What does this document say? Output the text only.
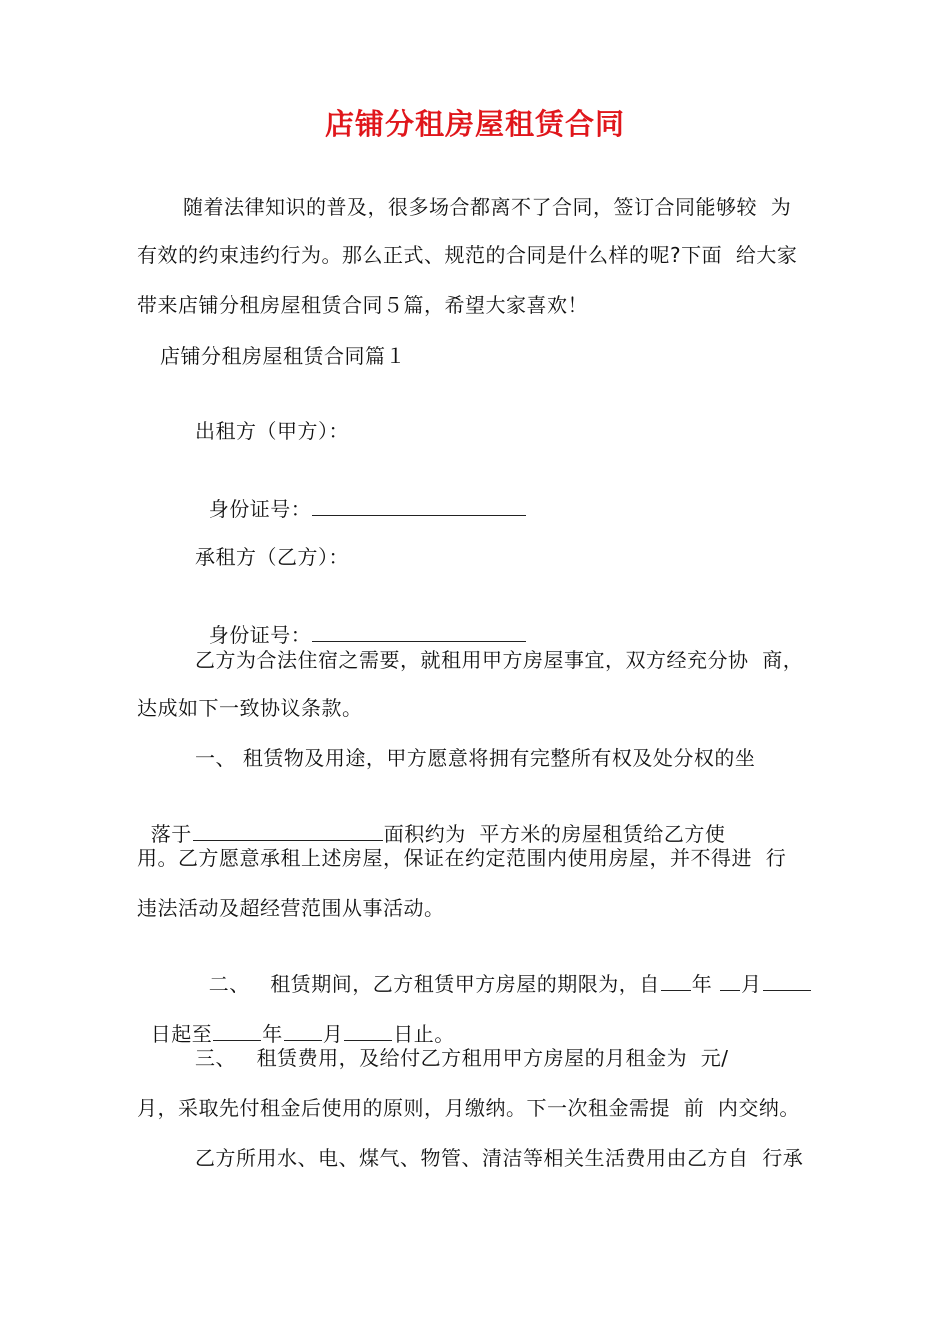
店铺分租房屋租赁合同
随着法律知识的普及，很多场合都离不了合同，签订合同能够较  为
有效的约束违约行为。那么正式、规范的合同是什么样的呢?下面  给大家
带来店铺分租房屋租赁合同５篇，希望大家喜欢！
店铺分租房屋租赁合同篇１
出租方（甲方）：

身份证号：

承租方（乙方）：

身份证号：

乙方为合法住宿之需要，就租用甲方房屋事宜，双方经充分协  商，
达成如下一致协议条款。
一、 租赁物及用途，甲方愿意将拥有完整所有权及处分权的坐

落于	面积约为  平方米的房屋租赁给乙方使

用。乙方愿意承租上述房屋，保证在约定范围内使用房屋，并不得进  行
违法活动及超经营范围从事活动。

二、   租赁期间，乙方租赁甲方房屋的期限为，自 年 月

日起至	年 月	日止。

三、   租赁费用，及给付乙方租用甲方房屋的月租金为  元/
月，采取先付租金后使用的原则，月缴纳。下一次租金需提  前  内交纳。
乙方所用水、电、煤气、物管、清洁等相关生活费用由乙方自  行承
